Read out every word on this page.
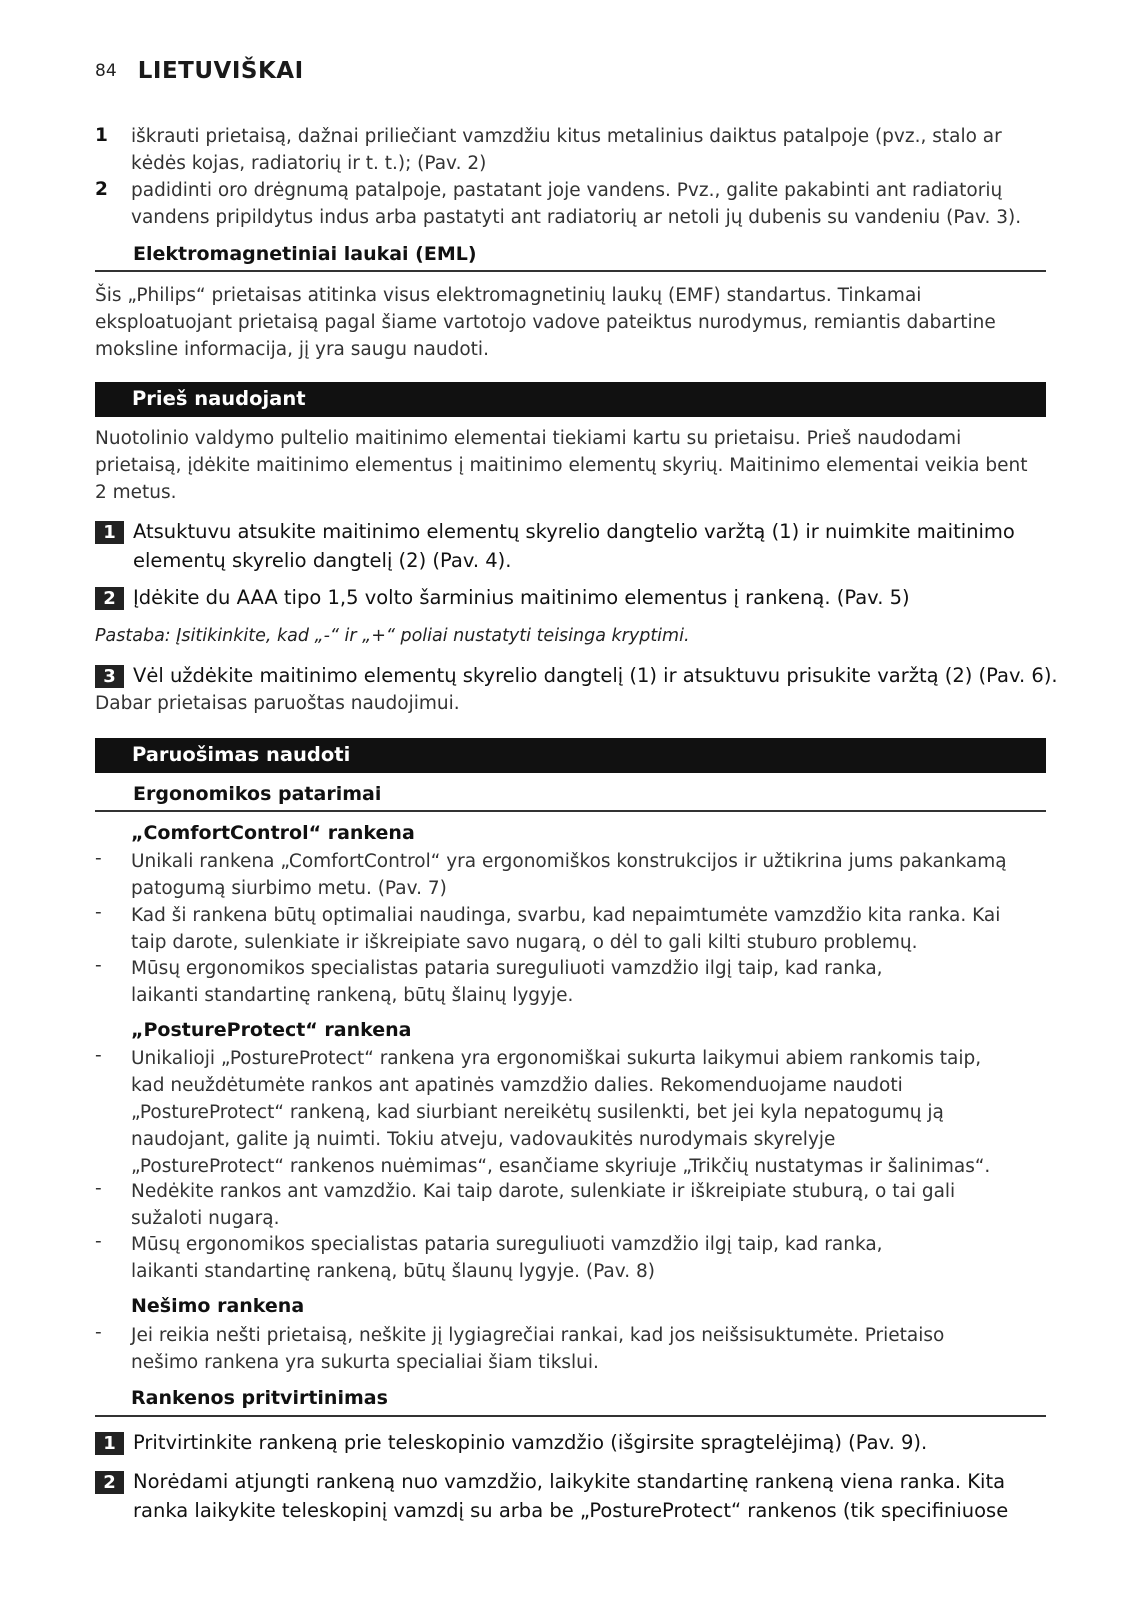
84 LIETUVIŠKAI
1 iškrauti prietaisą, dažnai priliečiant vamzdžiu kitus metalinius daiktus patalpoje (pvz., stalo ar kėdės kojas, radiatorių ir t. t.); (Pav. 2)
2 padidinti oro drėgnumą patalpoje, pastatant joje vandens. Pvz., galite pakabinti ant radiatorių vandens pripildytus indus arba pastatyti ant radiatorių ar netoli jų dubenis su vandeniu (Pav. 3).
Elektromagnetiniai laukai (EML)
Šis „Philips“ prietaisas atitinka visus elektromagnetinių laukų (EMF) standartus. Tinkamai eksploatuojant prietaisą pagal šiame vartotojo vadove pateiktus nurodymus, remiantis dabartine moksline informacija, jį yra saugu naudoti.
Prieš naudojant
Nuotolinio valdymo pultelio maitinimo elementai tiekiami kartu su prietaisu. Prieš naudodami prietaisą, įdėkite maitinimo elementus į maitinimo elementų skyrių. Maitinimo elementai veikia bent 2 metus.
1 Atsuktuvu atsukite maitinimo elementų skyrelio dangtelio varžtą (1) ir nuimkite maitinimo elementų skyrelio dangtelį (2) (Pav. 4).
2 Įdėkite du AAA tipo 1,5 volto šarminius maitinimo elementus į rankeną. (Pav. 5)
Pastaba: Įsitikinkite, kad „-“ ir „+“ poliai nustatyti teisinga kryptimi.
3 Vėl uždėkite maitinimo elementų skyrelio dangtelį (1) ir atsuktuvu prisukite varžtą (2) (Pav. 6).
Dabar prietaisas paruoštas naudojimui.
Paruošimas naudoti
Ergonomikos patarimai
„ComfortControl“ rankena
- Unikali rankena „ComfortControl“ yra ergonomiškos konstrukcijos ir užtikrina jums pakankamą patogumą siurbimo metu. (Pav. 7)
- Kad ši rankena būtų optimaliai naudinga, svarbu, kad nepaimtumėte vamzdžio kita ranka. Kai taip darote, sulenkiate ir iškreipiate savo nugarą, o dėl to gali kilti stuburo problemų.
- Mūsų ergonomikos specialistas pataria sureguliuoti vamzdžio ilgį taip, kad ranka, laikanti standartinę rankeną, būtų šlainų lygyje.
„PostureProtect“ rankena
- Unikalioji „PostureProtect“ rankena yra ergonomiškai sukurta laikymui abiem rankomis taip, kad neuždėtumėte rankos ant apatinės vamzdžio dalies. Rekomenduojame naudoti „PostureProtect“ rankeną, kad siurbiant nereikėtų susilenkti, bet jei kyla nepatogumų ją naudojant, galite ją nuimti. Tokiu atveju, vadovaukitės nurodymais skyrelyje „PostureProtect“ rankenos nuėmimas“, esančiame skyriuje „Trikčių nustatymas ir šalinimas“.
- Nedėkite rankos ant vamzdžio. Kai taip darote, sulenkiate ir iškreipiate stuburą, o tai gali sužaloti nugarą.
- Mūsų ergonomikos specialistas pataria sureguliuoti vamzdžio ilgį taip, kad ranka, laikanti standartinę rankeną, būtų šlaunų lygyje. (Pav. 8)
Nešimo rankena
- Jei reikia nešti prietaisą, neškite jį lygiagrečiai rankai, kad jos neišsisuktumėte. Prietaiso nešimo rankena yra sukurta specialiai šiam tikslui.
Rankenos pritvirtinimas
1 Pritvirtinkite rankeną prie teleskopinio vamzdžio (išgirsite spragtelėjimą) (Pav. 9).
2 Norėdami atjungti rankeną nuo vamzdžio, laikykite standartinę rankeną viena ranka. Kita ranka laikykite teleskopinį vamzdį su arba be „PostureProtect“ rankenos (tik specifiniuose
